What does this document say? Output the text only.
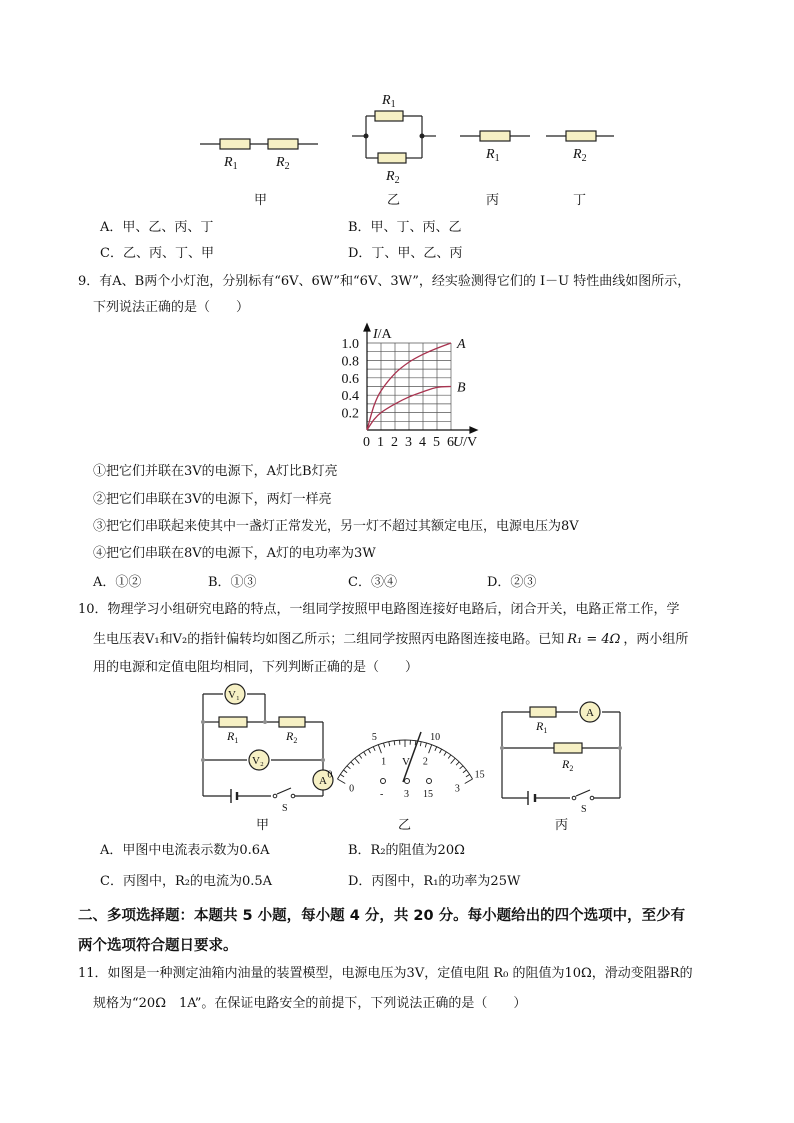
$R_1$	$R_2$
$R_1$
$R_2$
$R_1$	$R_2$
甲	乙	丙	丁
A．甲、乙、丙、丁	B．甲、丁、丙、乙
C．乙、丙、丁、甲	D．丁、甲、乙、丙
9．有A、B两个小灯泡，分别标有“6V、6W”和“6V、3W”，经实验测得它们的 I－U 特性曲线如图所示，
下列说法正确的是（　　）
A
B
0 1 2 3 4 5 6
0.2
0.4
0.6
0.8
1.0
I/A
U/V
①把它们并联在3V的电源下，A灯比B灯亮
②把它们串联在3V的电源下，两灯一样亮
③把它们串联起来使其中一盏灯正常发光，另一灯不超过其额定电压，电源电压为8V
④把它们串联在8V的电源下，A灯的电功率为3W
A．①②	B．①③	C．③④	D．②③
10．物理学习小组研究电路的特点，一组同学按照甲电路图连接好电路后，闭合开关，电路正常工作，学
生电压表V₁和V₂的指针偏转均如图乙所示；二组同学按照丙电路图连接电路。已知 R₁ = 4Ω ，两小组所
用的电源和定值电阻均相同，下列判断正确的是（　　）
V₁
V₂
A
S
$R_1$	$R_2$
0
5	10
15
0
1	2
3
- 3 15
V
A
S
$R_1$
$R_2$
甲	乙	丙
A．甲图中电流表示数为0.6A	B．R₂的阻值为20Ω
C．丙图中，R₂的电流为0.5A	D．丙图中，R₁的功率为25W
二、多项选择题：本题共 5 小题，每小题 4 分，共 20 分。每小题给出的四个选项中，至少有
两个选项符合题日要求。
11．如图是一种测定油箱内油量的装置模型，电源电压为3V，定值电阻 R₀ 的阻值为10Ω，滑动变阻器R的
规格为“20Ω　1A”。在保证电路安全的前提下，下列说法正确的是（　　）
